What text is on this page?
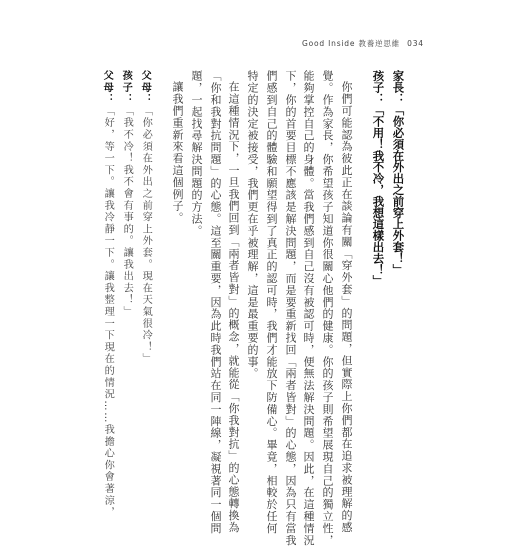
Good Inside 教養逆思維 034
家長：「你必須在外出之前穿上外套！」
孩子：「不用！我不冷，我想這樣出去！」
你們可能認為彼此正在談論有關「穿外套」的問題，但實際上你們都在追求被理解的感
覺。作為家長，你希望孩子知道你很關心他們的健康。你的孩子則希望展現自己的獨立性，
能夠掌控自己的身體。當我們感到自己沒有被認可時，便無法解決問題。因此，在這種情況
下，你的首要目標不應該是解決問題，而是要重新找回「兩者皆對」的心態，因為只有當我
們感到自己的體驗和願望得到了真正的認可時，我們才能放下防備心。畢竟，相較於任何
特定的決定被接受，我們更在乎被理解，這是最重要的事。
在這種情況下，一旦我們回到「兩者皆對」的概念，就能從「你我對抗」的心態轉換為
「你和我對抗問題」的心態。這至關重要，因為此時我們站在同一陣線，凝視著同一個問
題，一起找尋解決問題的方法。
讓我們重新來看這個例子。
父母：「你必須在外出之前穿上外套。現在天氣很冷！」
孩子：「我不冷！我不會有事的。讓我出去！」
父母：「好，等一下。讓我冷靜一下。讓我整理一下現在的情況……我擔心你會著涼，
